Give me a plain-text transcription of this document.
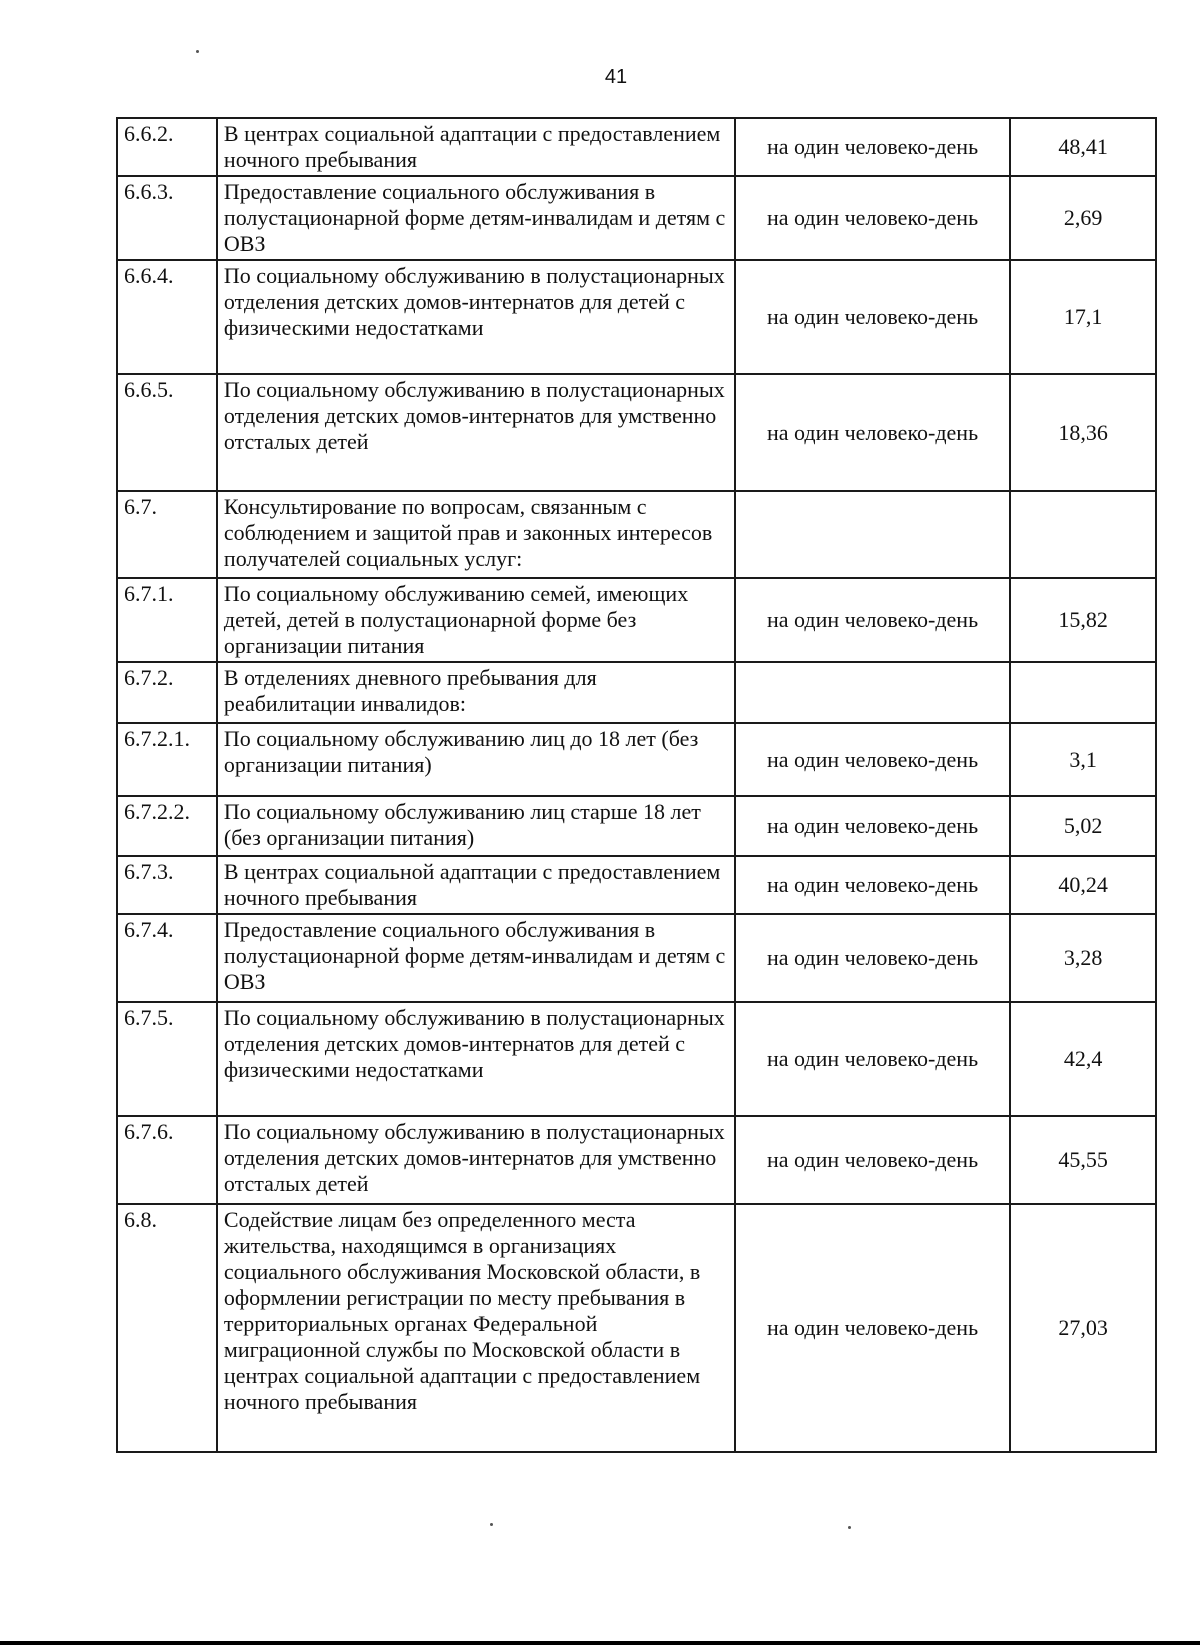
41
6.6.2.	В центрах социальной адаптации с предоставлением ночного пребывания	на один человеко-день	48,41
6.6.3.	Предоставление социального обслуживания в полустационарной форме детям-инвалидам и детям с ОВЗ	на один человеко-день	2,69
6.6.4.	По социальному обслуживанию в полустационарных отделения детских домов-интернатов для детей с физическими недостатками	на один человеко-день	17,1
6.6.5.	По социальному обслуживанию в полустационарных отделения детских домов-интернатов для умственно отсталых детей	на один человеко-день	18,36
6.7.	Консультирование по вопросам, связанным с соблюдением и защитой прав и законных интересов получателей социальных услуг:		
6.7.1.	По социальному обслуживанию семей, имеющих детей, детей в полустационарной форме без организации питания	на один человеко-день	15,82
6.7.2.	В отделениях дневного пребывания для реабилитации инвалидов:		
6.7.2.1.	По социальному обслуживанию лиц до 18 лет (без организации питания)	на один человеко-день	3,1
6.7.2.2.	По социальному обслуживанию лиц старше 18 лет (без организации питания)	на один человеко-день	5,02
6.7.3.	В центрах социальной адаптации с предоставлением ночного пребывания	на один человеко-день	40,24
6.7.4.	Предоставление социального обслуживания в полустационарной форме детям-инвалидам и детям с ОВЗ	на один человеко-день	3,28
6.7.5.	По социальному обслуживанию в полустационарных отделения детских домов-интернатов для детей с физическими недостатками	на один человеко-день	42,4
6.7.6.	По социальному обслуживанию в полустационарных отделения детских домов-интернатов для умственно отсталых детей	на один человеко-день	45,55
6.8.	Содействие лицам без определенного места жительства, находящимся в организациях социального обслуживания Московской области, в оформлении регистрации по месту пребывания в территориальных органах Федеральной миграционной службы по Московской области в центрах социальной адаптации с предоставлением ночного пребывания	на один человеко-день	27,03
